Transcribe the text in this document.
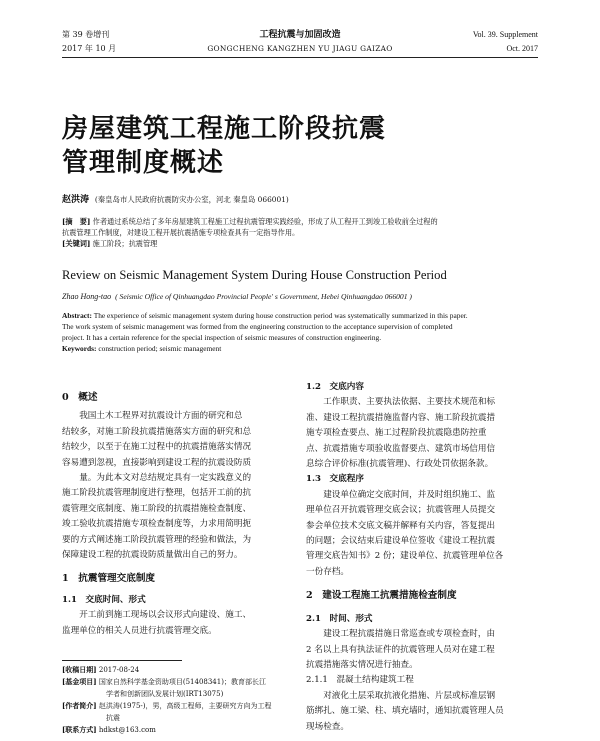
第 39 卷增刊
2017 年 10 月
工程抗震与加固改造
GONGCHENG KANGZHEN YU JIAGU GAIZAO
Vol. 39. Supplement
Oct. 2017
房屋建筑工程施工阶段抗震
管理制度概述
赵洪涛 (秦皇岛市人民政府抗震防灾办公室，河北 秦皇岛 066001)
[摘　要] 作者通过系统总结了多年房屋建筑工程施工过程抗震管理实践经验，形成了从工程开工到竣工验收前全过程的
抗震管理工作制度，对建设工程开展抗震措施专项检查具有一定指导作用。
[关键词] 施工阶段；抗震管理
Review on Seismic Management System During House Construction Period
Zhao Hong-tao ( Seismic Office of Qinhuangdao Provincial People' s Government, Hebei Qinhuangdao 066001 )
Abstract: The experience of seismic management system during house construction period was systematically summarized in this paper.
The work system of seismic management was formed from the engineering construction to the acceptance supervision of completed
project. It has a certain reference for the special inspection of seismic measures of construction engineering.
Keywords: construction period; seismic management

0　概述

我国土木工程界对抗震设计方面的研究和总
结较多，对施工阶段抗震措施落实方面的研究和总
结较少，以至于在施工过程中的抗震措施落实情况
容易遭到忽视，直接影响到建设工程的抗震设防质
量。为此本文对总结规定具有一定实践意义的
施工阶段抗震管理制度进行整理，包括开工前的抗
震管理交底制度、施工阶段的抗震措施检查制度、
竣工验收抗震措施专项检查制度等，力求用简明扼
要的方式阐述施工阶段抗震管理的经验和做法，为
保障建设工程的抗震设防质量做出自己的努力。

1　抗震管理交底制度

1.1　交底时间、形式

开工前到施工现场以会议形式向建设、施工、
监理单位的相关人员进行抗震管理交底。
[收稿日期] 2017-08-24
[基金项目] 国家自然科学基金资助项目(51408341)；教育部长江
学者和创新团队发展计划(IRT13075)
[作者简介] 赵洪涛(1975-)，男，高级工程师，主要研究方向为工程
抗震
[联系方式] hdkst@163.com

1.2　交底内容

工作职责、主要执法依据、主要技术规范和标
准、建设工程抗震措施监督内容、施工阶段抗震措
施专项检查要点、施工过程阶段抗震隐患防控重
点、抗震措施专项验收监督要点、建筑市场信用信
息综合评价标准(抗震管理)、行政处罚依据条款。

1.3　交底程序

建设单位确定交底时间，并及时组织施工、监
理单位召开抗震管理交底会议；抗震管理人员提交
参会单位技术交底文稿并解释有关内容，答复提出
的问题；会议结束后建设单位签收《建设工程抗震
管理交底告知书》2 份；建设单位、抗震管理单位各
一份存档。

2　建设工程施工抗震措施检查制度

2.1　时间、形式

建设工程抗震措施日常巡查或专项检查时，由
2 名以上具有执法证件的抗震管理人员对在建工程
抗震措施落实情况进行抽查。

2.1.1　混凝土结构建筑工程

对液化土层采取抗液化措施、片层或标准层钢
筋绑扎、施工梁、柱、填充墙时，通知抗震管理人员
现场检查。
